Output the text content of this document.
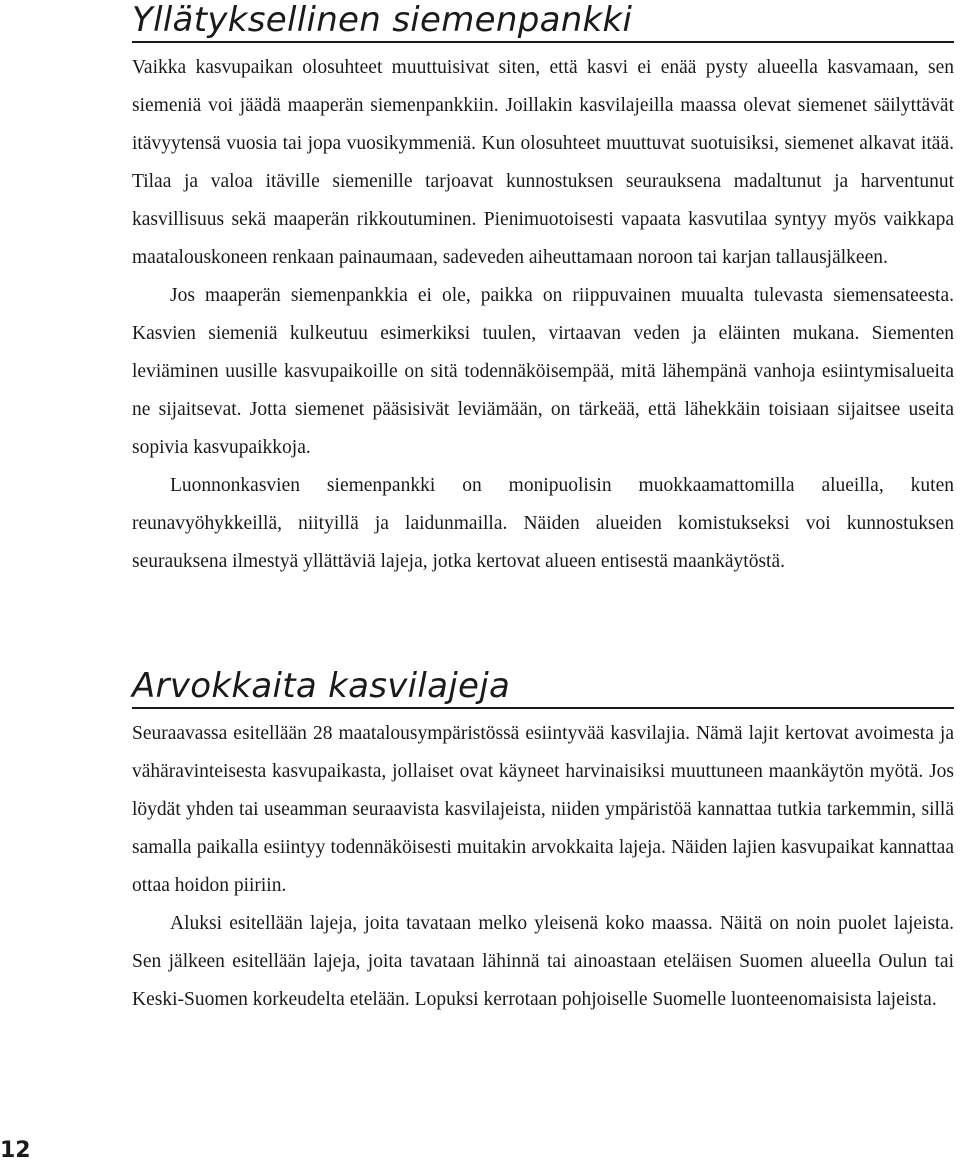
Yllätyksellinen siemenpankki

Vaikka kasvupaikan olosuhteet muuttuisivat siten, että kasvi ei enää pysty alueella kasvamaan, sen siemeniä voi jäädä maaperän siemenpankkiin. Joillakin kasvilajeilla maassa olevat siemenet säilyttävät itävyytensä vuosia tai jopa vuosikymmeniä. Kun olosuhteet muuttuvat suotuisiksi, siemenet alkavat itää. Tilaa ja valoa itäville siemenille tarjoavat kunnostuksen seurauksena madaltunut ja harventunut kasvillisuus sekä maaperän rikkoutuminen. Pienimuotoisesti vapaata kasvutilaa syntyy myös vaikkapa maatalouskoneen renkaan painaumaan, sadeveden aiheuttamaan noroon tai karjan tallausjälkeen.

Jos maaperän siemenpankkia ei ole, paikka on riippuvainen muualta tulevasta siemensateesta. Kasvien siemeniä kulkeutuu esimerkiksi tuulen, virtaavan veden ja eläinten mukana. Siementen leviäminen uusille kasvupaikoille on sitä todennäköisempää, mitä lähempänä vanhoja esiintymisalueita ne sijaitsevat. Jotta siemenet pääsisivät leviämään, on tärkeää, että lähekkäin toisiaan sijaitsee useita sopivia kasvupaikkoja.

Luonnonkasvien siemenpankki on monipuolisin muokkaamattomilla alueilla, kuten reunavyöhykkeillä, niityillä ja laidunmailla. Näiden alueiden komistukseksi voi kunnostuksen seurauksena ilmestyä yllättäviä lajeja, jotka kertovat alueen entisestä maankäytöstä.

Arvokkaita kasvilajeja

Seuraavassa esitellään 28 maatalousympäristössä esiintyvää kasvilajia. Nämä lajit kertovat avoimesta ja vähäravinteisesta kasvupaikasta, jollaiset ovat käyneet harvinaisiksi muuttuneen maankäytön myötä. Jos löydät yhden tai useamman seuraavista kasvilajeista, niiden ympäristöä kannattaa tutkia tarkemmin, sillä samalla paikalla esiintyy todennäköisesti muitakin arvokkaita lajeja. Näiden lajien kasvupaikat kannattaa ottaa hoidon piiriin.

Aluksi esitellään lajeja, joita tavataan melko yleisenä koko maassa. Näitä on noin puolet lajeista. Sen jälkeen esitellään lajeja, joita tavataan lähinnä tai ainoastaan eteläisen Suomen alueella Oulun tai Keski-Suomen korkeudelta etelään. Lopuksi kerrotaan pohjoiselle Suomelle luonteenomaisista lajeista.

12
